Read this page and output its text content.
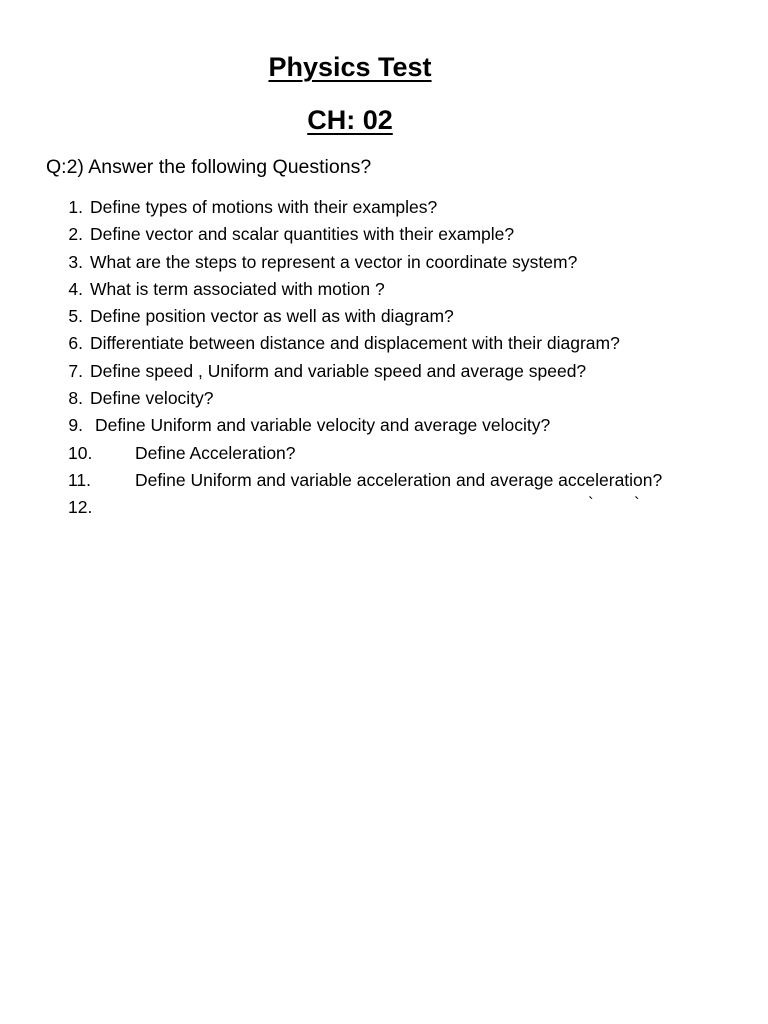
Physics Test
CH: 02

Q:2) Answer the following Questions?

1. Define types of motions with their examples?
2. Define vector and scalar quantities with their example?
3. What are the steps to represent a vector in coordinate system?
4. What is term associated with motion ?
5. Define position vector as well as with diagram?
6. Differentiate between distance and displacement with their diagram?
7. Define speed , Uniform and variable speed and average speed?
8. Define velocity?
9. Define Uniform and variable velocity and average velocity?
10. Define Acceleration?
11.	Define Uniform and variable acceleration and average acceleration?
12.	` `
